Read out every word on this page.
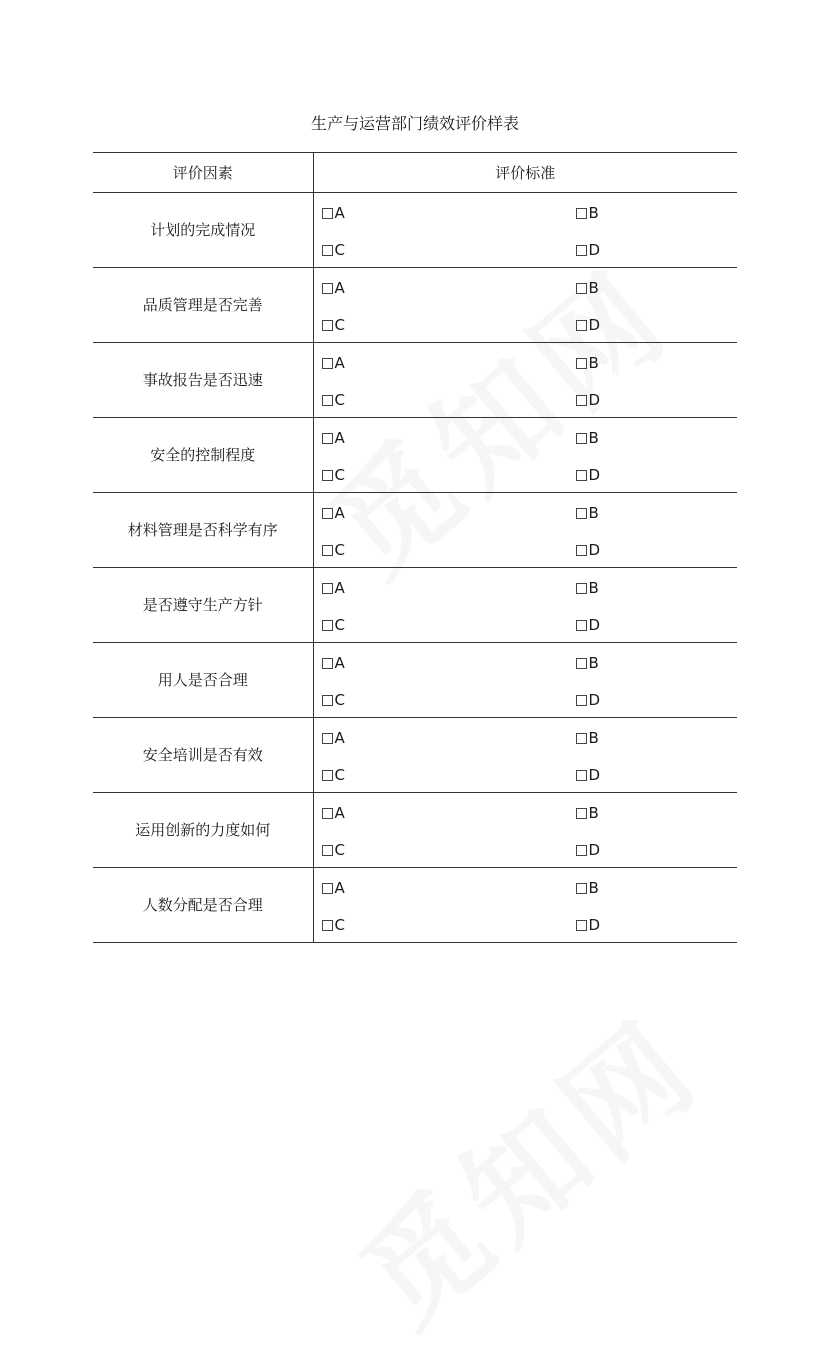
生产与运营部门绩效评价样表
评价因素	评价标准
计划的完成情况	A B
C D

品质管理是否完善	A B
C D

事故报告是否迅速	A B
C D

安全的控制程度	A B
C D

材料管理是否科学有序	A B
C D

是否遵守生产方针	A B
C D

用人是否合理	A B
C D

安全培训是否有效	A B
C D

运用创新的力度如何	A B
C D

人数分配是否合理	A B
C D
